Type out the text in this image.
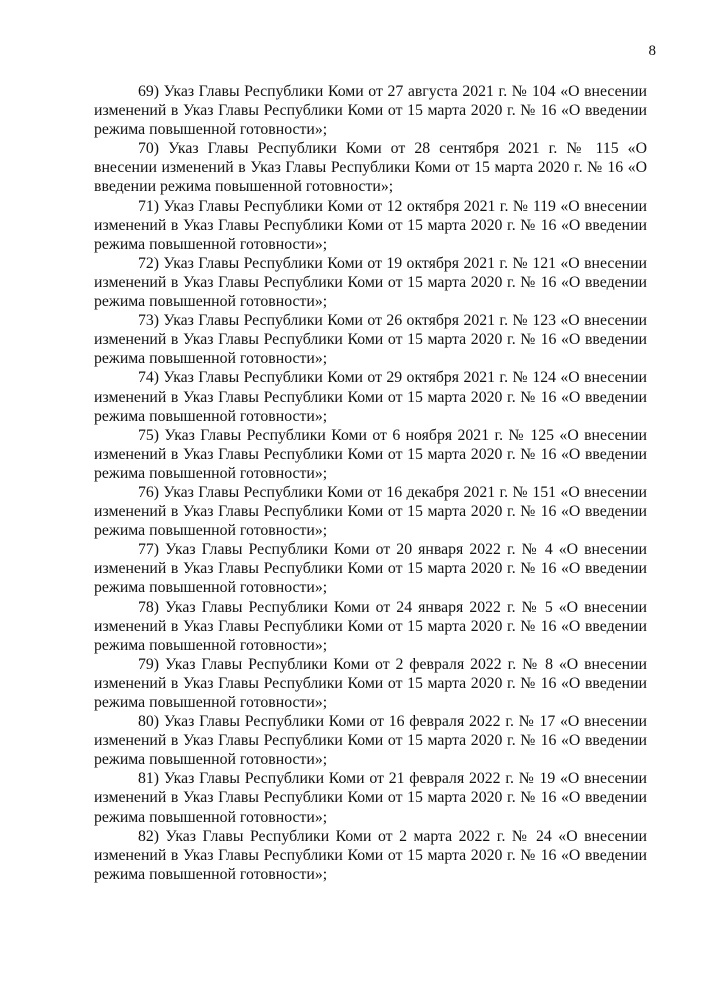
8

69) Указ Главы Республики Коми от 27 августа 2021 г. № 104 «О внесении изменений в Указ Главы Республики Коми от 15 марта 2020 г. № 16 «О введении режима повышенной готовности»;

70) Указ Главы Республики Коми от 28 сентября 2021 г. № 115 «О внесении изменений в Указ Главы Республики Коми от 15 марта 2020 г. № 16 «О введении режима повышенной готовности»;

71) Указ Главы Республики Коми от 12 октября 2021 г. № 119 «О внесении изменений в Указ Главы Республики Коми от 15 марта 2020 г. № 16 «О введении режима повышенной готовности»;

72) Указ Главы Республики Коми от 19 октября 2021 г. № 121 «О внесении изменений в Указ Главы Республики Коми от 15 марта 2020 г. № 16 «О введении режима повышенной готовности»;

73) Указ Главы Республики Коми от 26 октября 2021 г. № 123 «О внесении изменений в Указ Главы Республики Коми от 15 марта 2020 г. № 16 «О введении режима повышенной готовности»;

74) Указ Главы Республики Коми от 29 октября 2021 г. № 124 «О внесении изменений в Указ Главы Республики Коми от 15 марта 2020 г. № 16 «О введении режима повышенной готовности»;

75) Указ Главы Республики Коми от 6 ноября 2021 г. № 125 «О внесении изменений в Указ Главы Республики Коми от 15 марта 2020 г. № 16 «О введении режима повышенной готовности»;

76) Указ Главы Республики Коми от 16 декабря 2021 г. № 151 «О внесении изменений в Указ Главы Республики Коми от 15 марта 2020 г. № 16 «О введении режима повышенной готовности»;

77) Указ Главы Республики Коми от 20 января 2022 г. № 4 «О внесении изменений в Указ Главы Республики Коми от 15 марта 2020 г. № 16 «О введении режима повышенной готовности»;

78) Указ Главы Республики Коми от 24 января 2022 г. № 5 «О внесении изменений в Указ Главы Республики Коми от 15 марта 2020 г. № 16 «О введении режима повышенной готовности»;

79) Указ Главы Республики Коми от 2 февраля 2022 г. № 8 «О внесении изменений в Указ Главы Республики Коми от 15 марта 2020 г. № 16 «О введении режима повышенной готовности»;

80) Указ Главы Республики Коми от 16 февраля 2022 г. № 17 «О внесении изменений в Указ Главы Республики Коми от 15 марта 2020 г. № 16 «О введении режима повышенной готовности»;

81) Указ Главы Республики Коми от 21 февраля 2022 г. № 19 «О внесении изменений в Указ Главы Республики Коми от 15 марта 2020 г. № 16 «О введении режима повышенной готовности»;

82) Указ Главы Республики Коми от 2 марта 2022 г. № 24 «О внесении изменений в Указ Главы Республики Коми от 15 марта 2020 г. № 16 «О введении режима повышенной готовности»;
